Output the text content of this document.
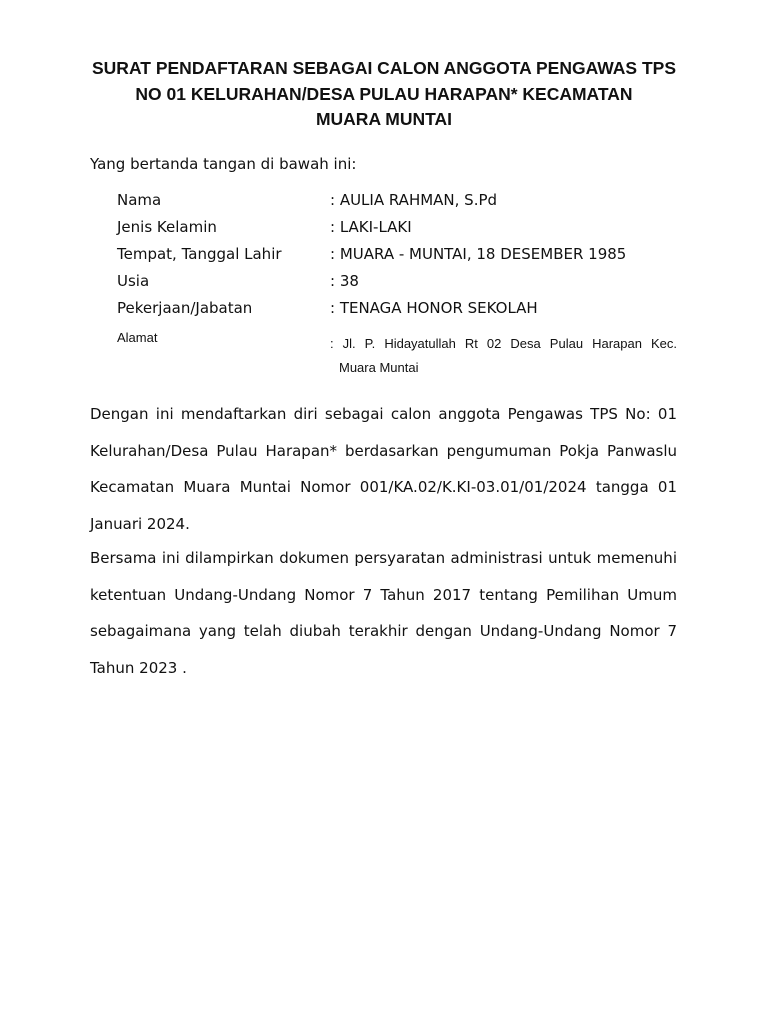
SURAT PENDAFTARAN SEBAGAI CALON ANGGOTA PENGAWAS TPS
NO 01 KELURAHAN/DESA PULAU HARAPAN* KECAMATAN
MUARA MUNTAI
Yang bertanda tangan di bawah ini:
Nama	: AULIA RAHMAN, S.Pd
Jenis Kelamin	: LAKI-LAKI
Tempat, Tanggal Lahir	: MUARA - MUNTAI, 18 DESEMBER 1985
Usia	: 38
Pekerjaan/Jabatan	: TENAGA HONOR SEKOLAH
Alamat	: Jl. P. Hidayatullah Rt 02 Desa Pulau Harapan Kec.
Muara Muntai
Dengan ini mendaftarkan diri sebagai calon anggota Pengawas TPS No: 01
Kelurahan/Desa Pulau Harapan* berdasarkan pengumuman Pokja Panwaslu
Kecamatan Muara Muntai Nomor 001/KA.02/K.KI-03.01/01/2024 tangga 01
Januari 2024.
Bersama ini dilampirkan dokumen persyaratan administrasi untuk memenuhi
ketentuan Undang-Undang Nomor 7 Tahun 2017 tentang Pemilihan Umum
sebagaimana yang telah diubah terakhir dengan Undang-Undang Nomor 7
Tahun 2023 .
